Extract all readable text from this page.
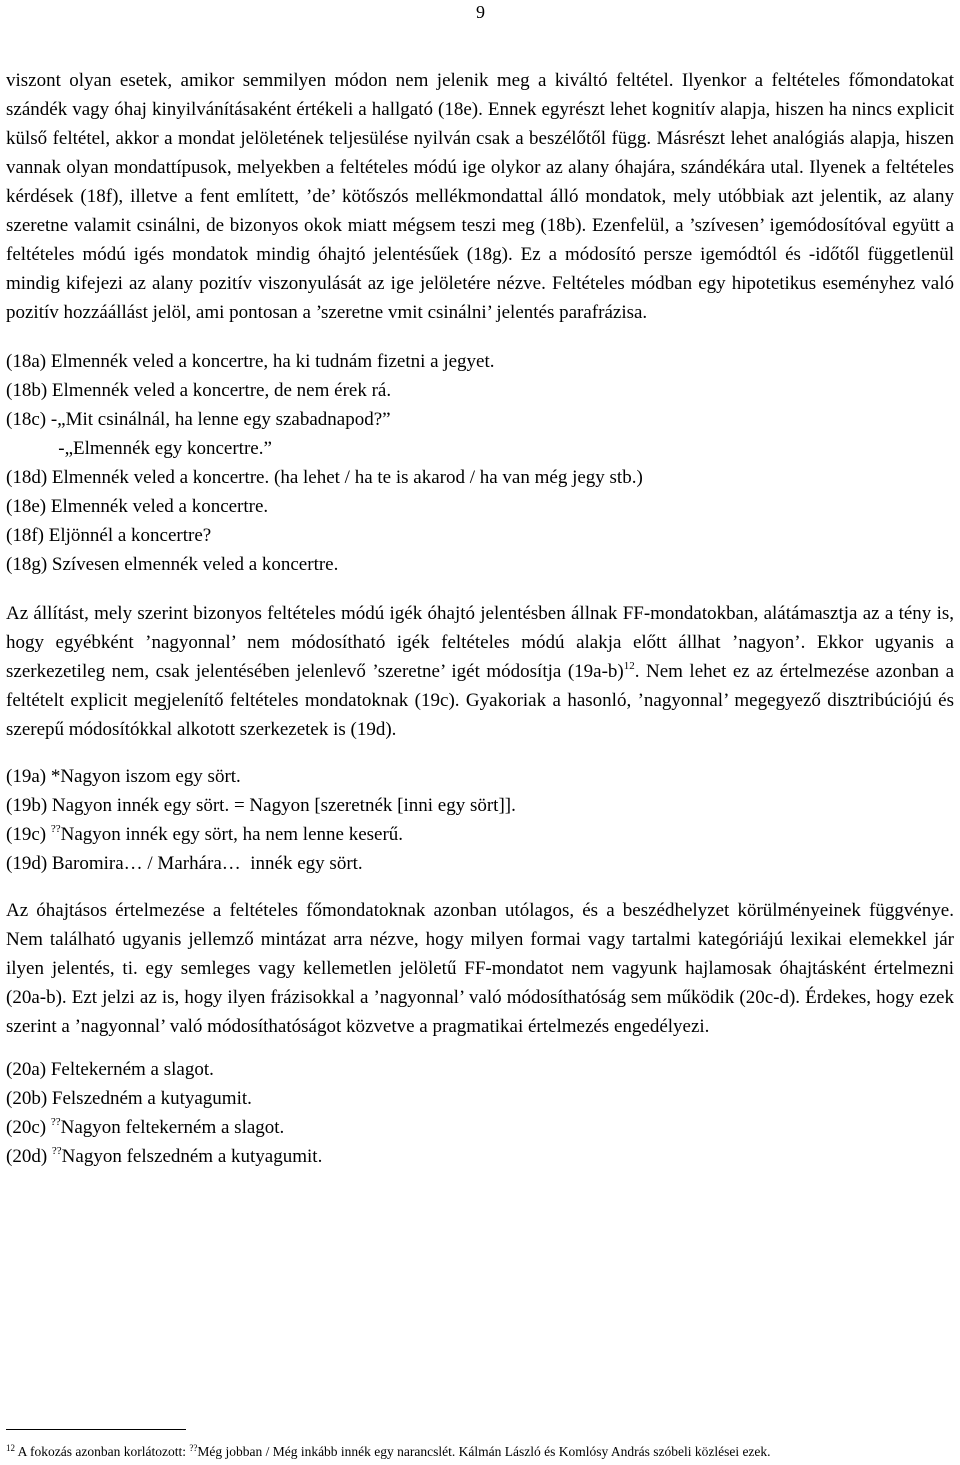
9

viszont olyan esetek, amikor semmilyen módon nem jelenik meg a kiváltó feltétel. Ilyenkor a feltételes főmondatokat szándék vagy óhaj kinyilvánításaként értékeli a hallgató (18e). Ennek egyrészt lehet kognitív alapja, hiszen ha nincs explicit külső feltétel, akkor a mondat jelöletének teljesülése nyilván csak a beszélőtől függ. Másrészt lehet analógiás alapja, hiszen vannak olyan mondattípusok, melyekben a feltételes módú ige olykor az alany óhajára, szándékára utal. Ilyenek a feltételes kérdések (18f), illetve a fent említett, ’de’ kötőszós mellékmondattal álló mondatok, mely utóbbiak azt jelentik, az alany szeretne valamit csinálni, de bizonyos okok miatt mégsem teszi meg (18b). Ezenfelül, a ’szívesen’ igemódosítóval együtt a feltételes módú igés mondatok mindig óhajtó jelentésűek (18g). Ez a módosító persze igemódtól és -időtől függetlenül mindig kifejezi az alany pozitív viszonyulását az ige jelöletére nézve. Feltételes módban egy hipotetikus eseményhez való pozitív hozzáállást jelöl, ami pontosan a ’szeretne vmit csinálni’ jelentés parafrázisa.

(18a) Elmennék veled a koncertre, ha ki tudnám fizetni a jegyet.
(18b) Elmennék veled a koncertre, de nem érek rá.
(18c) -„Mit csinálnál, ha lenne egy szabadnapod?”
-„Elmennék egy koncertre.”
(18d) Elmennék veled a koncertre. (ha lehet / ha te is akarod / ha van még jegy stb.)
(18e) Elmennék veled a koncertre.
(18f) Eljönnél a koncertre?
(18g) Szívesen elmennék veled a koncertre.

Az állítást, mely szerint bizonyos feltételes módú igék óhajtó jelentésben állnak FF-mondatokban, alátámasztja az a tény is, hogy egyébként ’nagyonnal’ nem módosítható igék feltételes módú alakja előtt állhat ’nagyon’. Ekkor ugyanis a szerkezetileg nem, csak jelentésében jelenlevő ’szeretne’ igét módosítja $(19a-b)^{12}$. Nem lehet ez az értelmezése azonban a feltételt explicit megjelenítő feltételes mondatoknak (19c). Gyakoriak a hasonló, ’nagyonnal’ megegyező disztribúciójú és szerepű módosítókkal alkotott szerkezetek is (19d).

(19a) *Nagyon iszom egy sört.
(19b) Nagyon innék egy sört. = Nagyon [szeretnék [inni egy sört]].
(19c) ??Nagyon innék egy sört, ha nem lenne keserű.
(19d) Baromira… / Marhára…  innék egy sört.

Az óhajtásos értelmezése a feltételes főmondatoknak azonban utólagos, és a beszédhelyzet körülményeinek függvénye. Nem található ugyanis jellemző mintázat arra nézve, hogy milyen formai vagy tartalmi kategóriájú lexikai elemekkel jár ilyen jelentés, ti. egy semleges vagy kellemetlen jelöletű FF-mondatot nem vagyunk hajlamosak óhajtásként értelmezni (20a-b). Ezt jelzi az is, hogy ilyen frázisokkal a ’nagyonnal’ való módosíthatóság sem működik (20c-d). Érdekes, hogy ezek szerint a ’nagyonnal’ való módosíthatóságot közvetve a pragmatikai értelmezés engedélyezi.

(20a) Feltekerném a slagot.
$^{12}$ A fokozás azonban korlátozott: ??Még jobban / Még inkább innék egy narancslét. Kálmán László és Komlósy András szóbeli közlései ezek.
(20b) Felszedném a kutyagumit.
(20c) ??Nagyon feltekerném a slagot.
(20d) ??Nagyon felszedném a kutyagumit.
